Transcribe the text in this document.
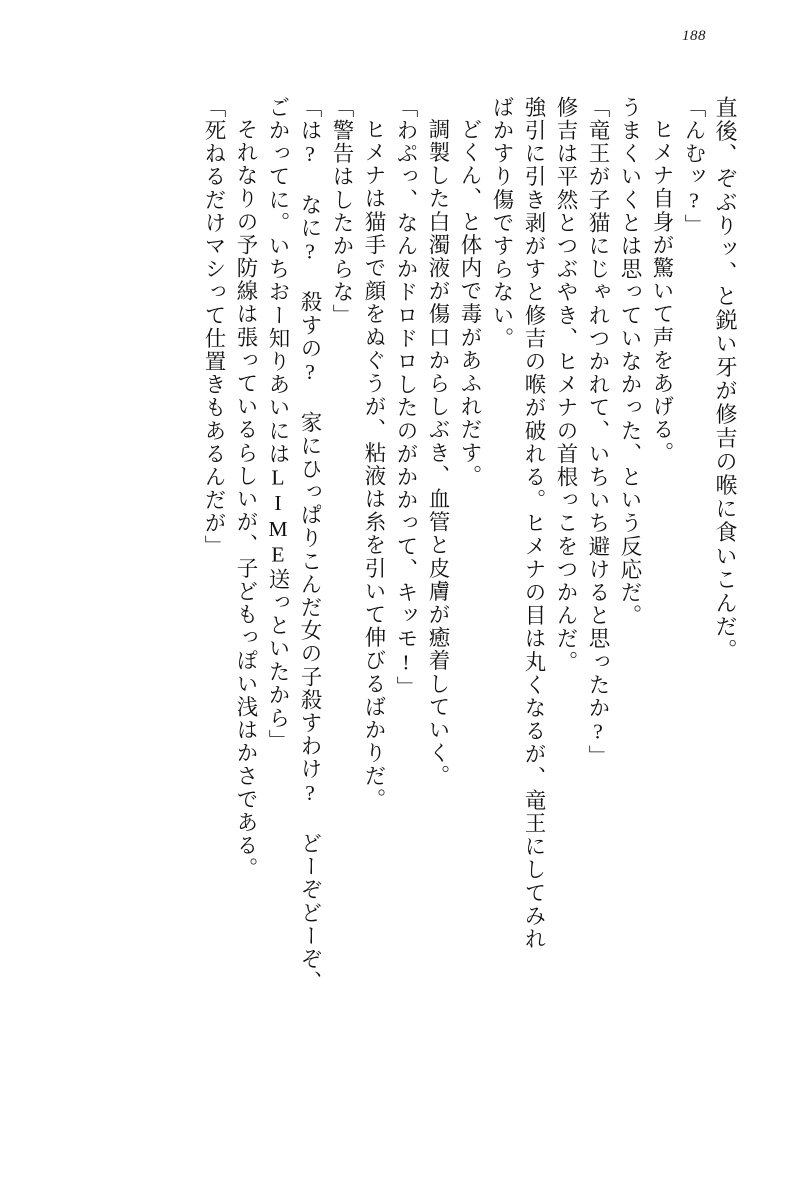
188
直後、ぞぶりッ、と鋭い牙が修吉の喉に食いこんだ。
「んむッ?」
ヒメナ自身が驚いて声をあげる。
うまくいくとは思っていなかった、という反応だ。
「竜王が子猫にじゃれつかれて、いちいち避けると思ったか?」
修吉は平然とつぶやき、ヒメナの首根っこをつかんだ。
強引に引き剥がすと修吉の喉が破れる。ヒメナの目は丸くなるが、竜王にしてみれ
ばかすり傷ですらない。
どくん、と体内で毒があふれだす。
調製した白濁液が傷口からしぶき、血管と皮膚が癒着していく。
「わぷっ、なんかドロドロしたのがかかって、キッモ!」
ヒメナは猫手で顔をぬぐうが、粘液は糸を引いて伸びるばかりだ。
「警告はしたからな」
「は? なに? 殺すの? 家にひっぱりこんだ女の子殺すわけ? どーぞどーぞ、
ごかってに。いちおー知りあいにはLIME送っといたから」
それなりの予防線は張っているらしいが、子どもっぽい浅はかさである。
「死ねるだけマシって仕置きもあるんだが」
